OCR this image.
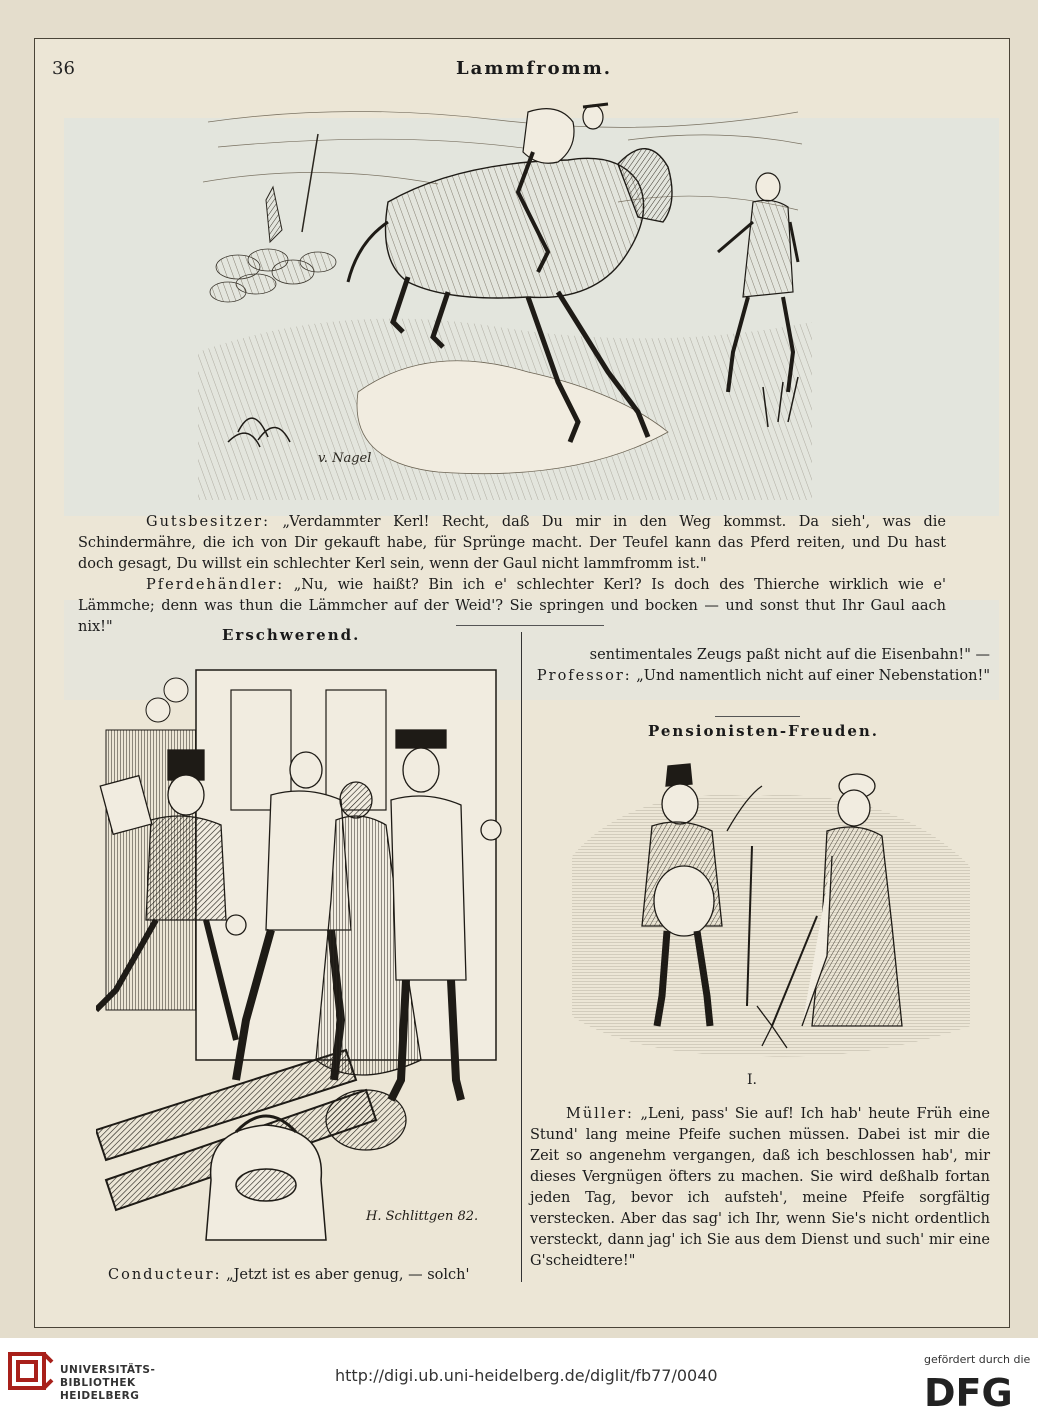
36	Lammfromm.
v. Nagel

Gutsbesitzer: „Verdammter Kerl! Recht, daß Du mir in den Weg kommst. Da sieh', was die Schindermähre, die ich von Dir gekauft habe, für Sprünge macht. Der Teufel kann das Pferd reiten, und Du hast doch gesagt, Du willst ein schlechter Kerl sein, wenn der Gaul nicht lammfromm ist."

Pferdehändler: „Nu, wie haißt? Bin ich e' schlechter Kerl? Is doch des Thierche wirklich wie e' Lämmche; denn was thun die Lämmcher auf der Weid'? Sie springen und bocken — und sonst thut Ihr Gaul aach nix!"	Erschwerend.
H. Schlittgen 82.

Conducteur: „Jetzt ist es aber genug, — solch'

sentimentales Zeugs paßt nicht auf die Eisenbahn!" —

Professor: „Und namentlich nicht auf einer Nebenstation!"

Pensionisten-Freuden.
I.

Müller: „Leni, pass' Sie auf! Ich hab' heute Früh eine Stund' lang meine Pfeife suchen müssen. Dabei ist mir die Zeit so angenehm vergangen, daß ich beschlossen hab', mir dieses Vergnügen öfters zu machen. Sie wird deßhalb fortan jeden Tag, bevor ich aufsteh', meine Pfeife sorgfältig verstecken. Aber das sag' ich Ihr, wenn Sie's nicht ordentlich versteckt, dann jag' ich Sie aus dem Dienst und such' mir eine G'scheidtere!"

UNIVERSITÄTS-
BIBLIOTHEK
HEIDELBERG
http://digi.ub.uni-heidelberg.de/diglit/fb77/0040
gefördert durch die
DFG
